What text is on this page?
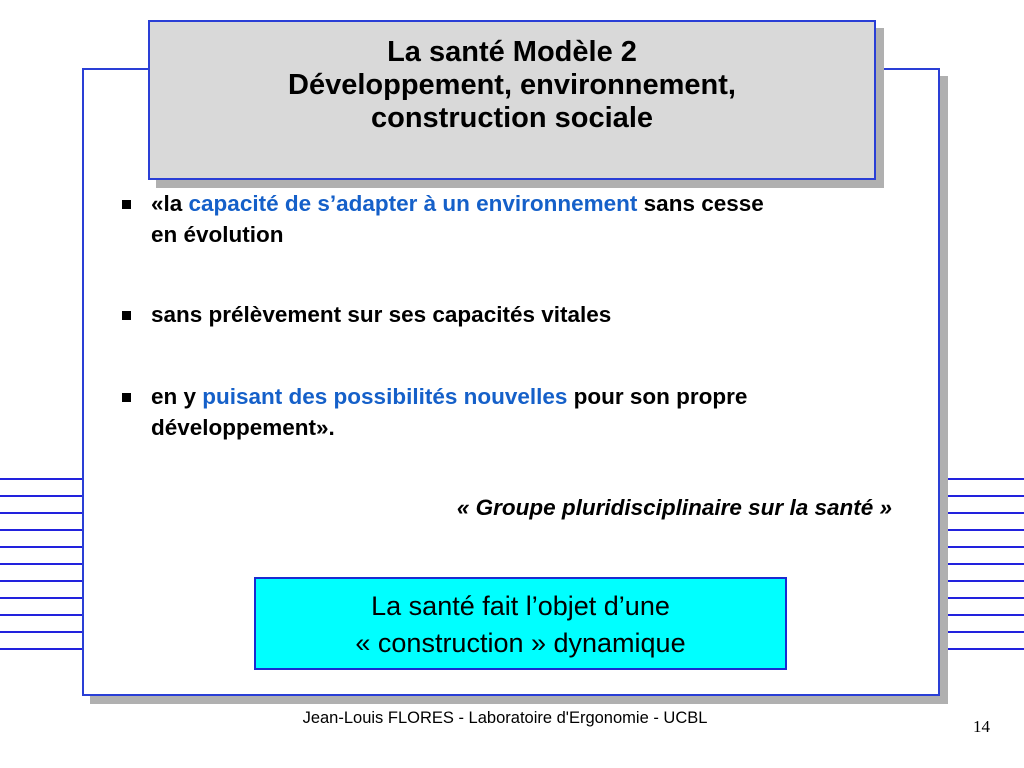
La santé Modèle 2
Développement, environnement,
construction sociale
«la capacité de s’adapter à un environnement sans cesse
en évolution
sans prélèvement sur ses capacités vitales
en y puisant des possibilités nouvelles pour son propre
développement».
« Groupe pluridisciplinaire sur la santé »
La santé fait l’objet d’une
« construction » dynamique
Jean-Louis FLORES - Laboratoire d'Ergonomie - UCBL	14
